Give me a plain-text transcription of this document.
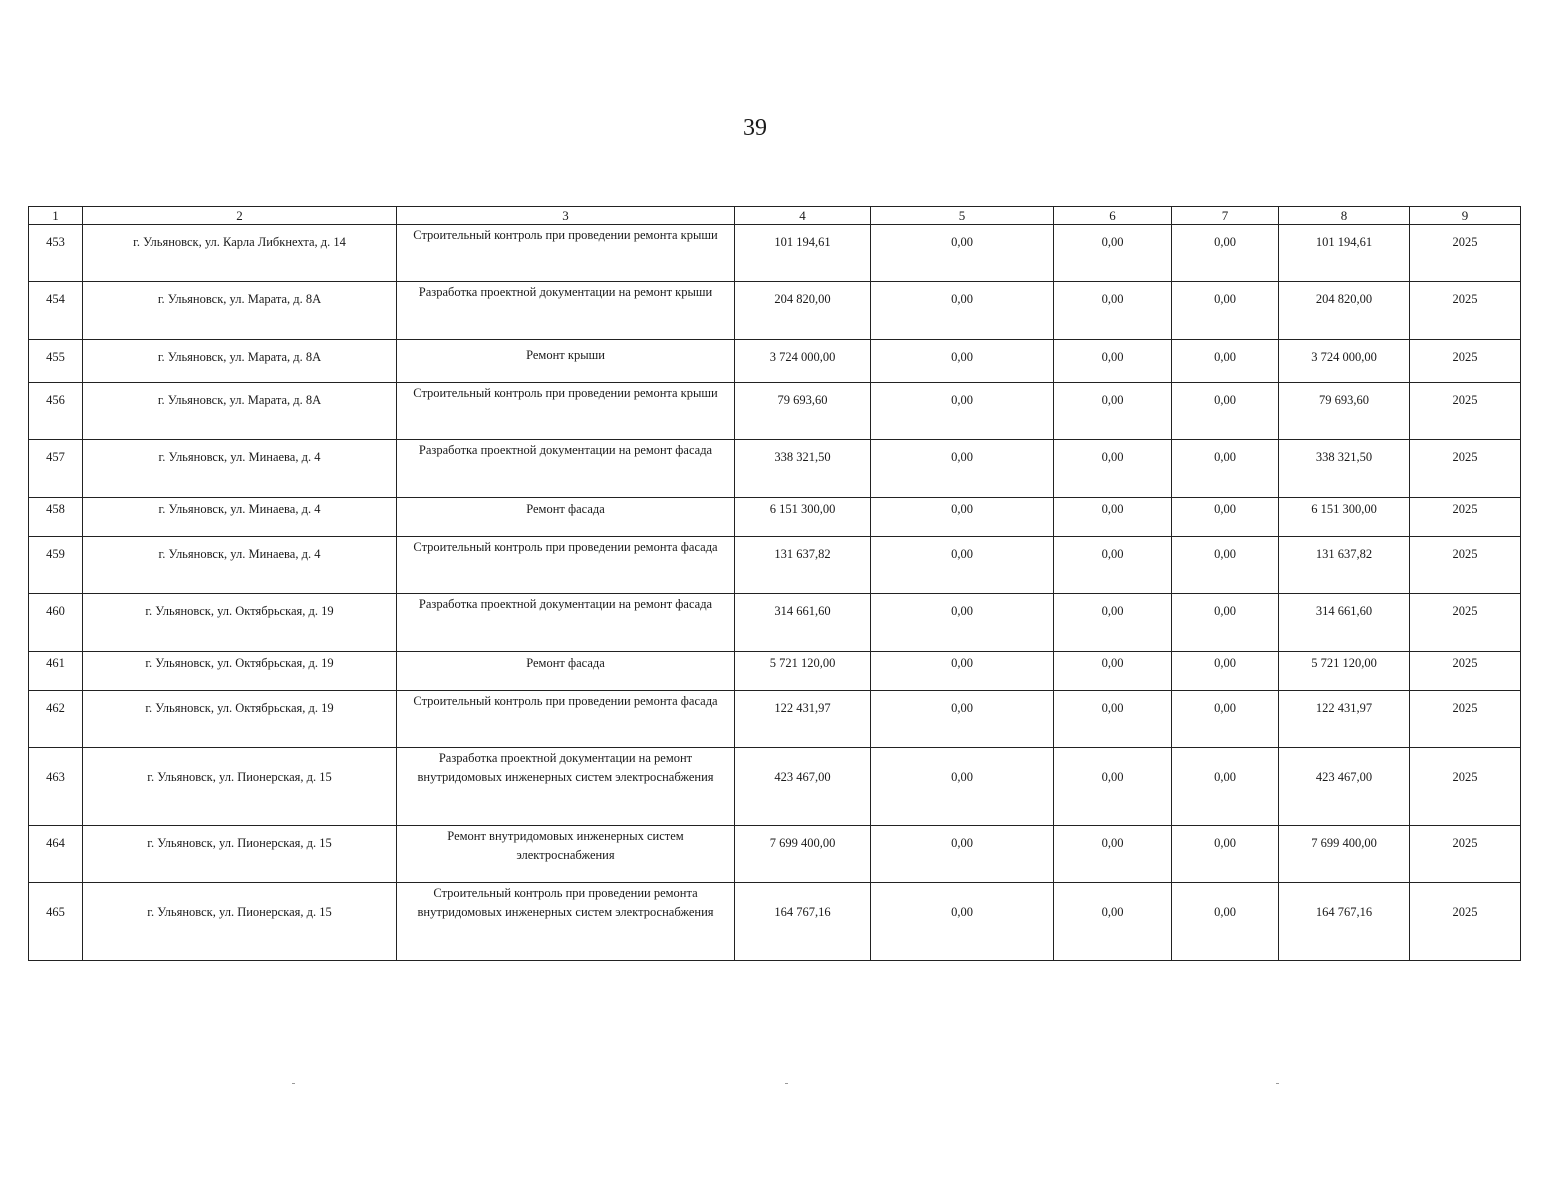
39
1	2	3	4	5	6	7	8	9
453	г. Ульяновск, ул. Карла Либкнехта, д. 14	Строительный контроль при проведении ремонта крыши	101 194,61	0,00	0,00	0,00	101 194,61	2025
454	г. Ульяновск, ул. Марата, д. 8А	Разработка проектной документации на ремонт крыши	204 820,00	0,00	0,00	0,00	204 820,00	2025
455	г. Ульяновск, ул. Марата, д. 8А	Ремонт крыши	3 724 000,00	0,00	0,00	0,00	3 724 000,00	2025
456	г. Ульяновск, ул. Марата, д. 8А	Строительный контроль при проведении ремонта крыши	79 693,60	0,00	0,00	0,00	79 693,60	2025
457	г. Ульяновск, ул. Минаева, д. 4	Разработка проектной документации на ремонт фасада	338 321,50	0,00	0,00	0,00	338 321,50	2025
458	г. Ульяновск, ул. Минаева, д. 4	Ремонт фасада	6 151 300,00	0,00	0,00	0,00	6 151 300,00	2025
459	г. Ульяновск, ул. Минаева, д. 4	Строительный контроль при проведении ремонта фасада	131 637,82	0,00	0,00	0,00	131 637,82	2025
460	г. Ульяновск, ул. Октябрьская, д. 19	Разработка проектной документации на ремонт фасада	314 661,60	0,00	0,00	0,00	314 661,60	2025
461	г. Ульяновск, ул. Октябрьская, д. 19	Ремонт фасада	5 721 120,00	0,00	0,00	0,00	5 721 120,00	2025
462	г. Ульяновск, ул. Октябрьская, д. 19	Строительный контроль при проведении ремонта фасада	122 431,97	0,00	0,00	0,00	122 431,97	2025
463	г. Ульяновск, ул. Пионерская, д. 15	Разработка проектной документации на ремонт внутридомовых инженерных систем электроснабжения	423 467,00	0,00	0,00	0,00	423 467,00	2025
464	г. Ульяновск, ул. Пионерская, д. 15	Ремонт внутридомовых инженерных систем электроснабжения	7 699 400,00	0,00	0,00	0,00	7 699 400,00	2025
465	г. Ульяновск, ул. Пионерская, д. 15	Строительный контроль при проведении ремонта внутридомовых инженерных систем электроснабжения	164 767,16	0,00	0,00	0,00	164 767,16	2025
